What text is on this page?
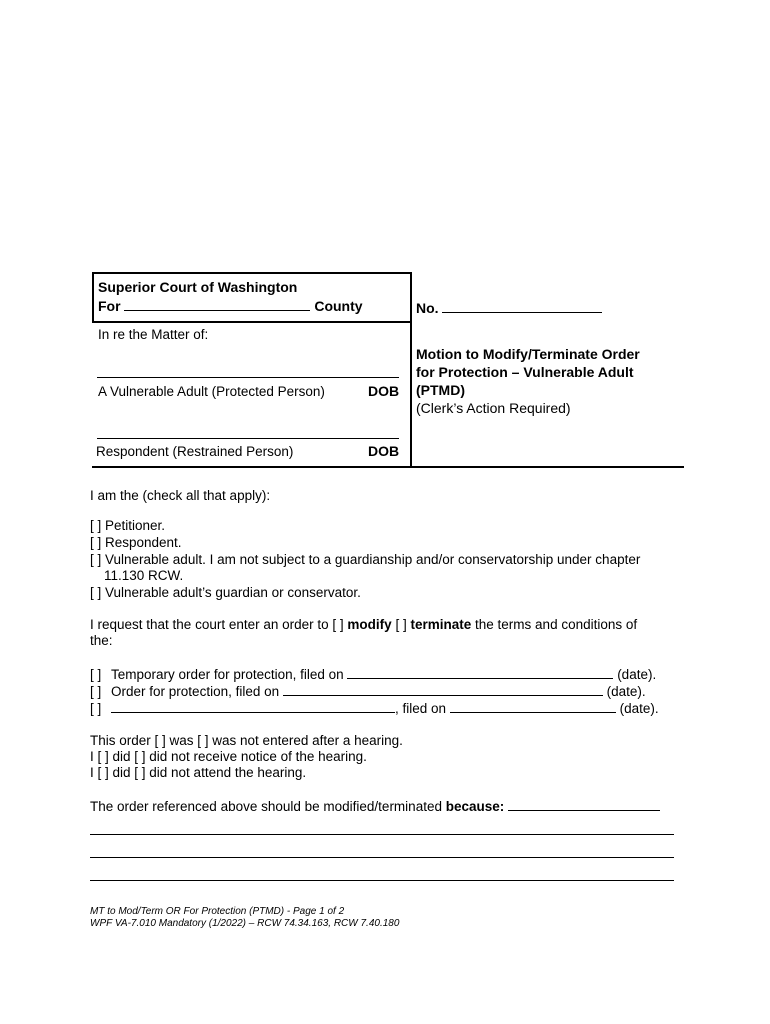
Superior Court of Washington
For	County	No.
In re the Matter of:
A Vulnerable Adult (Protected Person)	DOB
Respondent (Restrained Person)	DOB
Motion to Modify/Terminate Order
for Protection – Vulnerable Adult
(PTMD)
(Clerk’s Action Required)
I am the (check all that apply):
[ ] Petitioner.
[ ] Respondent.
[ ] Vulnerable adult. I am not subject to a guardianship and/or conservatorship under chapter
11.130 RCW.
[ ] Vulnerable adult’s guardian or conservator.
I request that the court enter an order to [ ] modify [ ] terminate the terms and conditions of
the:
[ ] Temporary order for protection, filed on	(date).
[ ] Order for protection, filed on	(date).
[ ]	, filed on	(date).
This order [ ] was [ ] was not entered after a hearing.
I [ ] did [ ] did not receive notice of the hearing.
I [ ] did [ ] did not attend the hearing.
The order referenced above should be modified/terminated because:
MT to Mod/Term OR For Protection (PTMD) - Page 1 of 2
WPF VA-7.010 Mandatory (1/2022) – RCW 74.34.163, RCW 7.40.180
